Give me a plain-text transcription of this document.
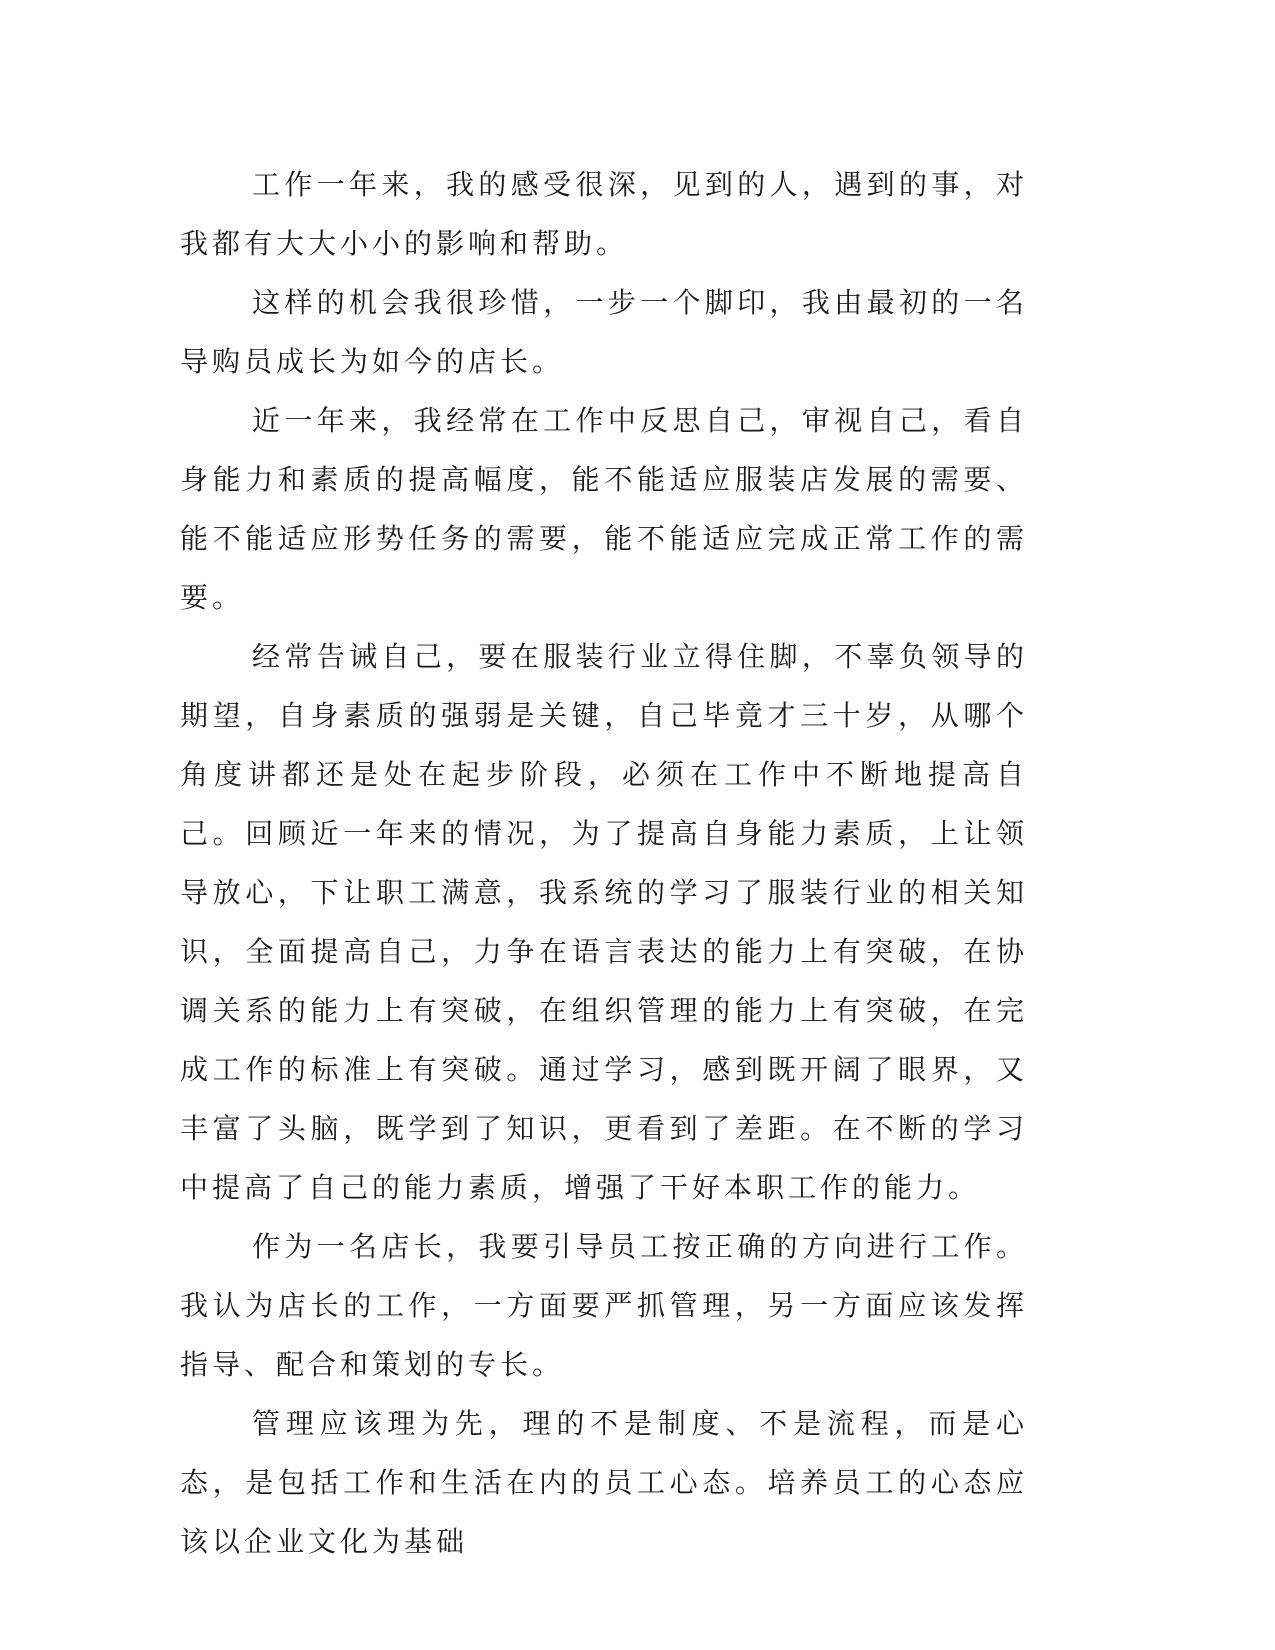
工作一年来，我的感受很深，见到的人，遇到的事，对我都有大大小小的影响和帮助。

这样的机会我很珍惜，一步一个脚印，我由最初的一名导购员成长为如今的店长。

近一年来，我经常在工作中反思自己，审视自己，看自身能力和素质的提高幅度，能不能适应服装店发展的需要、能不能适应形势任务的需要，能不能适应完成正常工作的需要。

经常告诫自己，要在服装行业立得住脚，不辜负领导的期望，自身素质的强弱是关键，自己毕竟才三十岁，从哪个角度讲都还是处在起步阶段，必须在工作中不断地提高自己。回顾近一年来的情况，为了提高自身能力素质，上让领导放心，下让职工满意，我系统的学习了服装行业的相关知识，全面提高自己，力争在语言表达的能力上有突破，在协调关系的能力上有突破，在组织管理的能力上有突破，在完成工作的标准上有突破。通过学习，感到既开阔了眼界，又丰富了头脑，既学到了知识，更看到了差距。在不断的学习中提高了自己的能力素质，增强了干好本职工作的能力。

作为一名店长，我要引导员工按正确的方向进行工作。我认为店长的工作，一方面要严抓管理，另一方面应该发挥指导、配合和策划的专长。

管理应该理为先，理的不是制度、不是流程，而是心态，是包括工作和生活在内的员工心态。培养员工的心态应该以企业文化为基础
